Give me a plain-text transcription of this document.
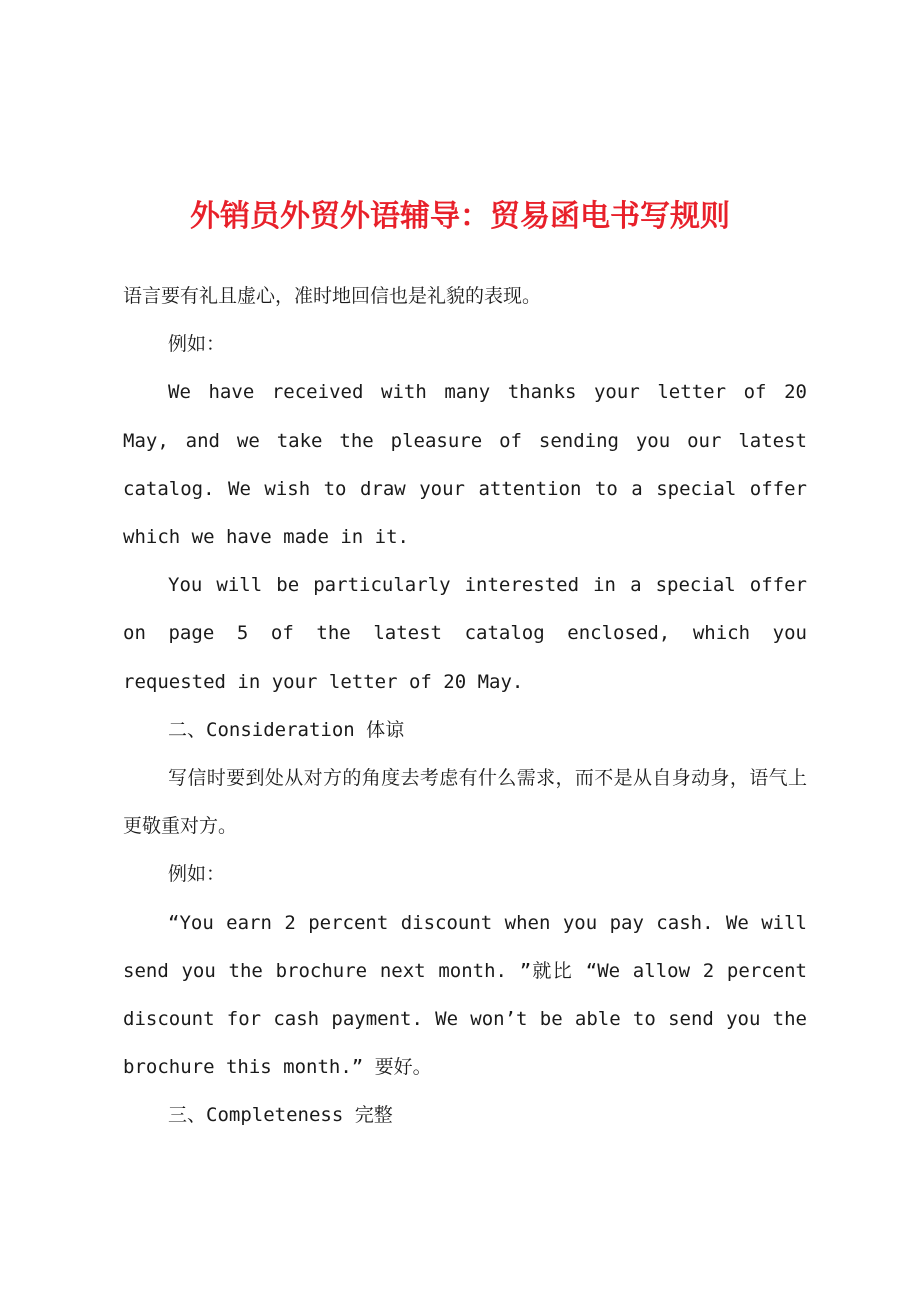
外销员外贸外语辅导：贸易函电书写规则

语言要有礼且虚心，准时地回信也是礼貌的表现。

例如：

We have received with many thanks your letter of 20 May, and we take the pleasure of sending you our latest catalog. We wish to draw your attention to a special offer which we have made in it.

You will be particularly interested in a special offer on page 5 of the latest catalog enclosed, which you requested in your letter of 20 May.

二、Consideration 体谅

写信时要到处从对方的角度去考虑有什么需求，而不是从自身动身，语气上更敬重对方。

例如：

“You earn 2 percent discount when you pay cash. We will send you the brochure next month. ”就比 “We allow 2 percent discount for cash payment. We won’t be able to send you the brochure this month.” 要好。

三、Completeness 完整
